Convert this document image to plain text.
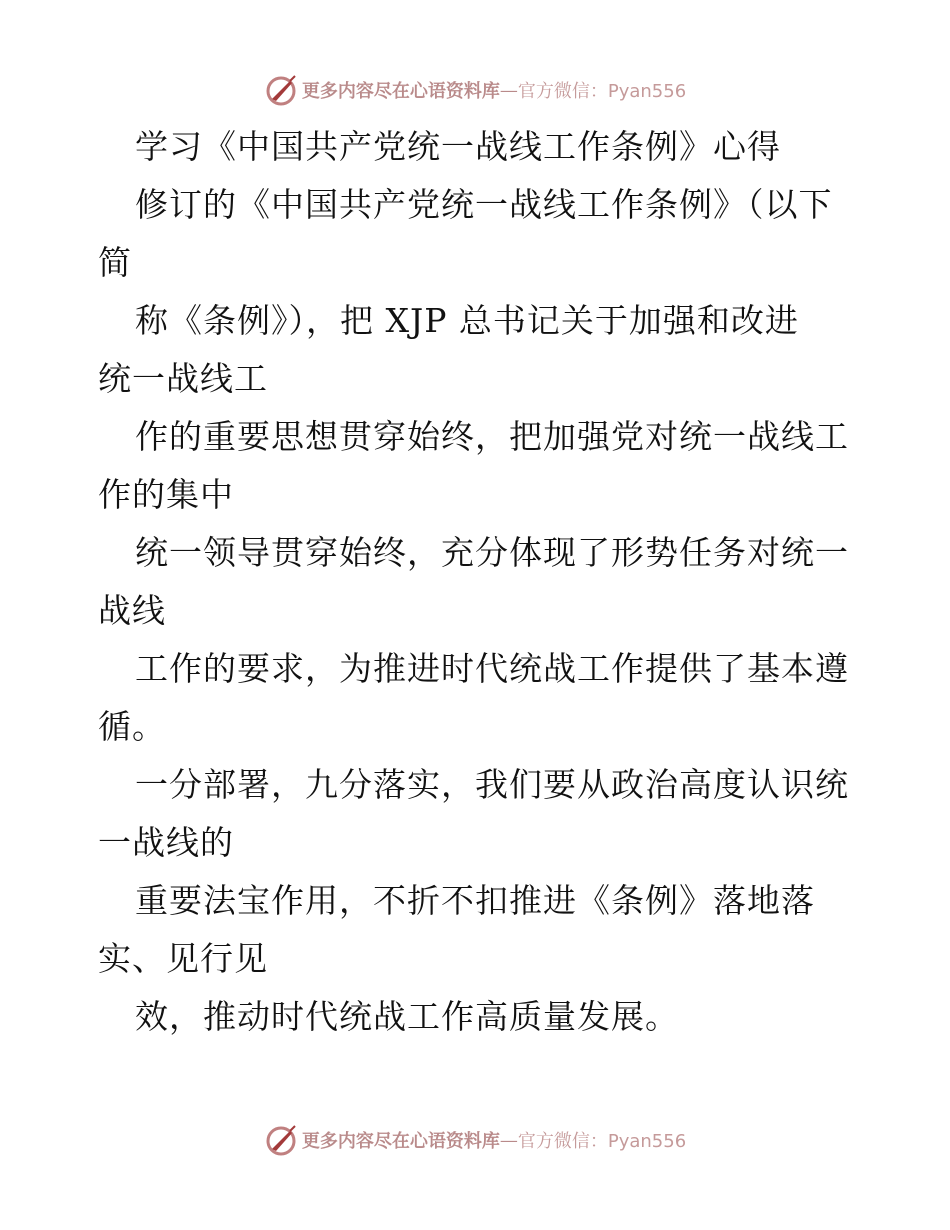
更多内容尽在心语资料库 — 官方微信：Pyan556
学习《中国共产党统一战线工作条例》心得
修订的《中国共产党统一战线工作条例》（以下
简
称《条例》），把 XJP 总书记关于加强和改进
统一战线工
作的重要思想贯穿始终，把加强党对统一战线工
作的集中
统一领导贯穿始终，充分体现了形势任务对统一
战线
工作的要求，为推进时代统战工作提供了基本遵
循。
一分部署，九分落实，我们要从政治高度认识统
一战线的
重要法宝作用，不折不扣推进《条例》落地落
实、见行见
效，推动时代统战工作高质量发展。
更多内容尽在心语资料库 — 官方微信：Pyan556
